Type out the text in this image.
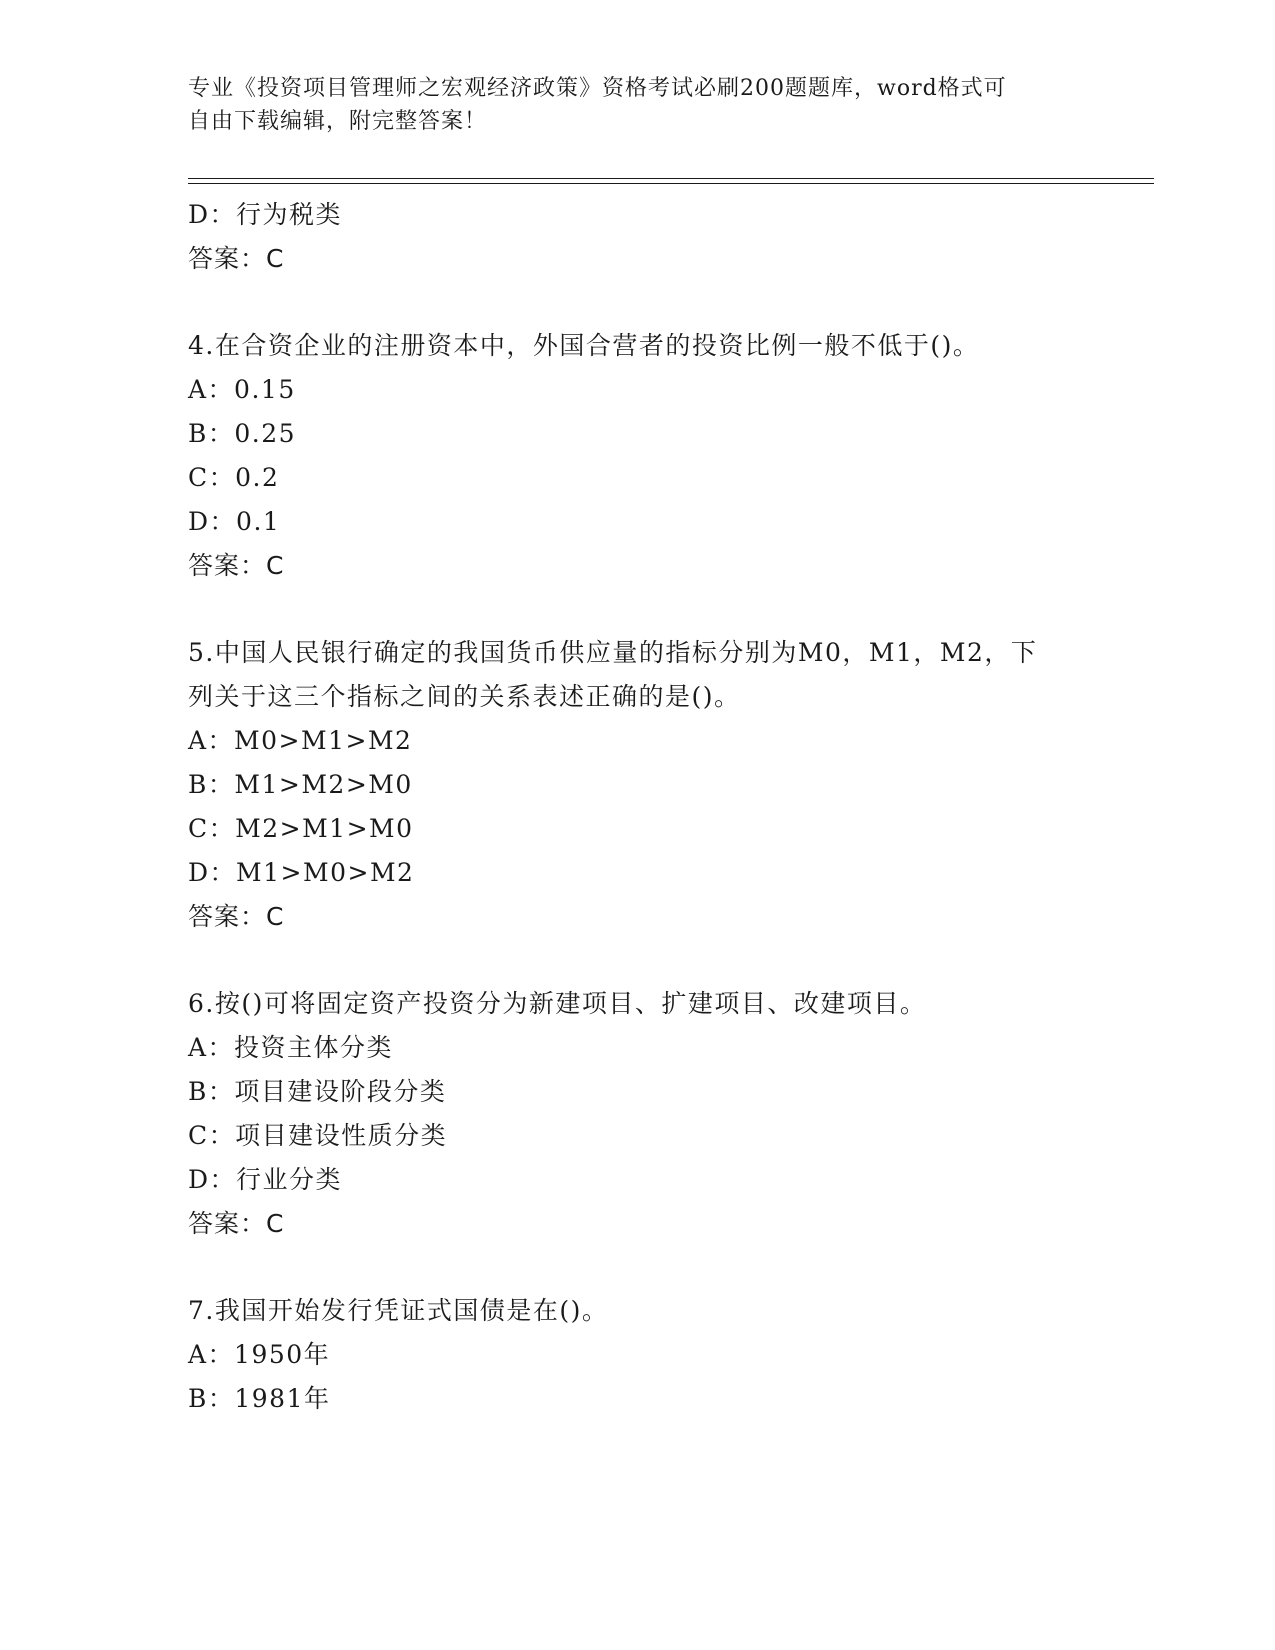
专业《投资项目管理师之宏观经济政策》资格考试必刷200题题库，word格式可
自由下载编辑，附完整答案！
D：行为税类
答案：C
4.在合资企业的注册资本中，外国合营者的投资比例一般不低于()。
A：0.15
B：0.25
C：0.2
D：0.1
答案：C
5.中国人民银行确定的我国货币供应量的指标分别为M0，M1，M2，下
列关于这三个指标之间的关系表述正确的是()。
A：M0>M1>M2
B：M1>M2>M0
C：M2>M1>M0
D：M1>M0>M2
答案：C
6.按()可将固定资产投资分为新建项目、扩建项目、改建项目。
A：投资主体分类
B：项目建设阶段分类
C：项目建设性质分类
D：行业分类
答案：C
7.我国开始发行凭证式国债是在()。
A：1950年
B：1981年
